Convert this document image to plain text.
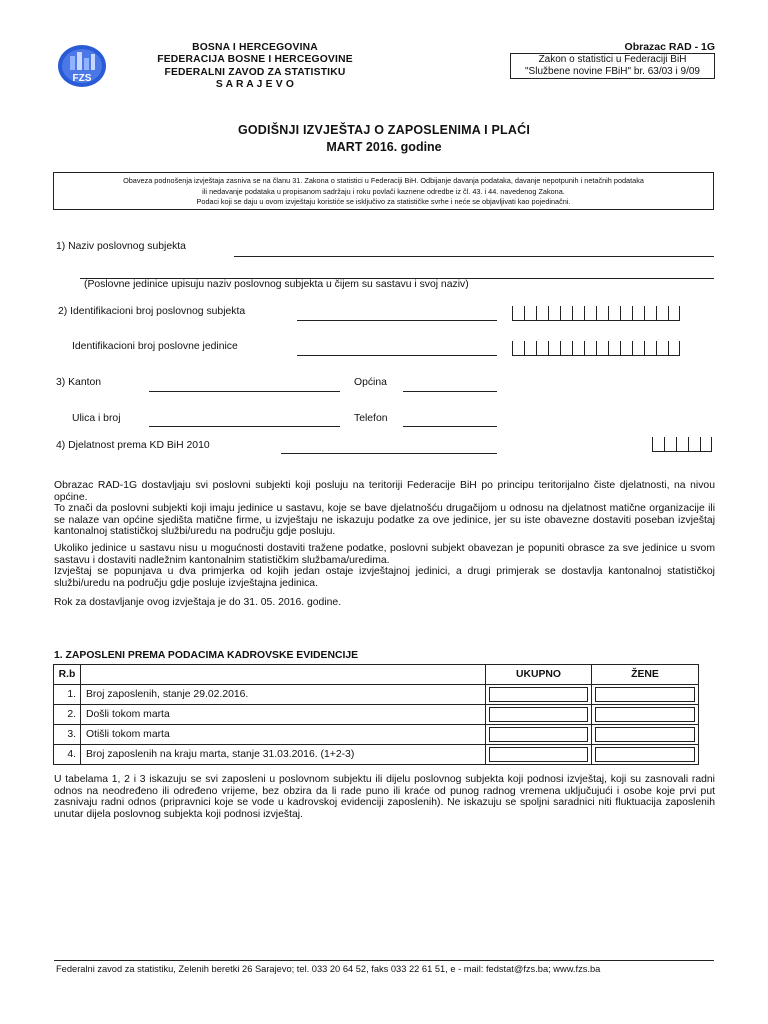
FZS
BOSNA I HERCEGOVINA
FEDERACIJA BOSNE I HERCEGOVINE
FEDERALNI ZAVOD ZA STATISTIKU
S A R A J E V O
Obrazac RAD - 1G
Zakon o statistici u Federaciji BiH
"Službene novine FBiH" br. 63/03 i 9/09
GODIŠNJI IZVJEŠTAJ O ZAPOSLENIMA I PLAĆI
MART 2016. godine
Obaveza podnošenja izvještaja zasniva se na članu 31. Zakona o statistici u Federaciji BiH. Odbijanje davanja podataka, davanje nepotpunih i netačnih podataka
ili nedavanje podataka u propisanom sadržaju i roku povlači kaznene odredbe iz čl. 43. i 44. navedenog Zakona.
Podaci koji se daju u ovom izvještaju koristiće se isključivo za statističke svrhe i neće se objavljivati kao pojedinačni.
1) Naziv poslovnog subjekta
(Poslovne jedinice upisuju naziv poslovnog subjekta u čijem su sastavu i svoj naziv)
2) Identifikacioni broj poslovnog subjekta
Identifikacioni broj poslovne jedinice
3) Kanton	Općina
Ulica i broj	Telefon
4) Djelatnost prema KD BiH 2010
Obrazac RAD-1G dostavljaju svi poslovni subjekti koji posluju na teritoriji Federacije BiH po principu teritorijalno čiste djelatnosti, na nivou općine.
To znači da poslovni subjekti koji imaju jedinice u sastavu, koje se bave djelatnošću drugačijom u odnosu na djelatnost matične organizacije ili se nalaze van općine sjedišta matične firme, u izvještaju ne iskazuju podatke za ove jedinice, jer su iste obavezne dostaviti poseban izvještaj kantonalnoj statističkoj službi/uredu na području gdje posluju.
Ukoliko jedinice u sastavu nisu u mogućnosti dostaviti tražene podatke, poslovni subjekt obavezan je popuniti obrasce za sve jedinice u svom sastavu i dostaviti nadležnim kantonalnim statističkim službama/uredima.
Izvještaj se popunjava u dva primjerka od kojih jedan ostaje izvještajnoj jedinici, a drugi primjerak se dostavlja kantonalnoj statističkoj službi/uredu na području gdje posluje izvještajna jedinica.
Rok za dostavljanje ovog izvještaja je do 31. 05. 2016. godine.
1. ZAPOSLENI PREMA PODACIMA KADROVSKE EVIDENCIJE
R.b		UKUPNO	ŽENE
1.	Broj zaposlenih, stanje 29.02.2016.	

2.	Došli tokom marta	

3.	Otišli tokom marta	

4.	Broj zaposlenih na kraju marta, stanje 31.03.2016. (1+2-3)	

U tabelama 1, 2 i 3 iskazuju se svi zaposleni u poslovnom subjektu ili dijelu poslovnog subjekta koji podnosi izvještaj, koji su zasnovali radni odnos na neodređeno ili određeno vrijeme, bez obzira da li rade puno ili kraće od punog radnog vremena uključujući i osobe koje prvi put zasnivaju radni odnos (pripravnici koje se vode u kadrovskoj evidenciji zaposlenih). Ne iskazuju se spoljni saradnici niti fluktuacija zaposlenih unutar dijela poslovnog subjekta koji podnosi izvještaj.
Federalni zavod za statistiku, Zelenih beretki 26 Sarajevo; tel. 033 20 64 52, faks 033 22 61 51, e - mail: fedstat@fzs.ba; www.fzs.ba
